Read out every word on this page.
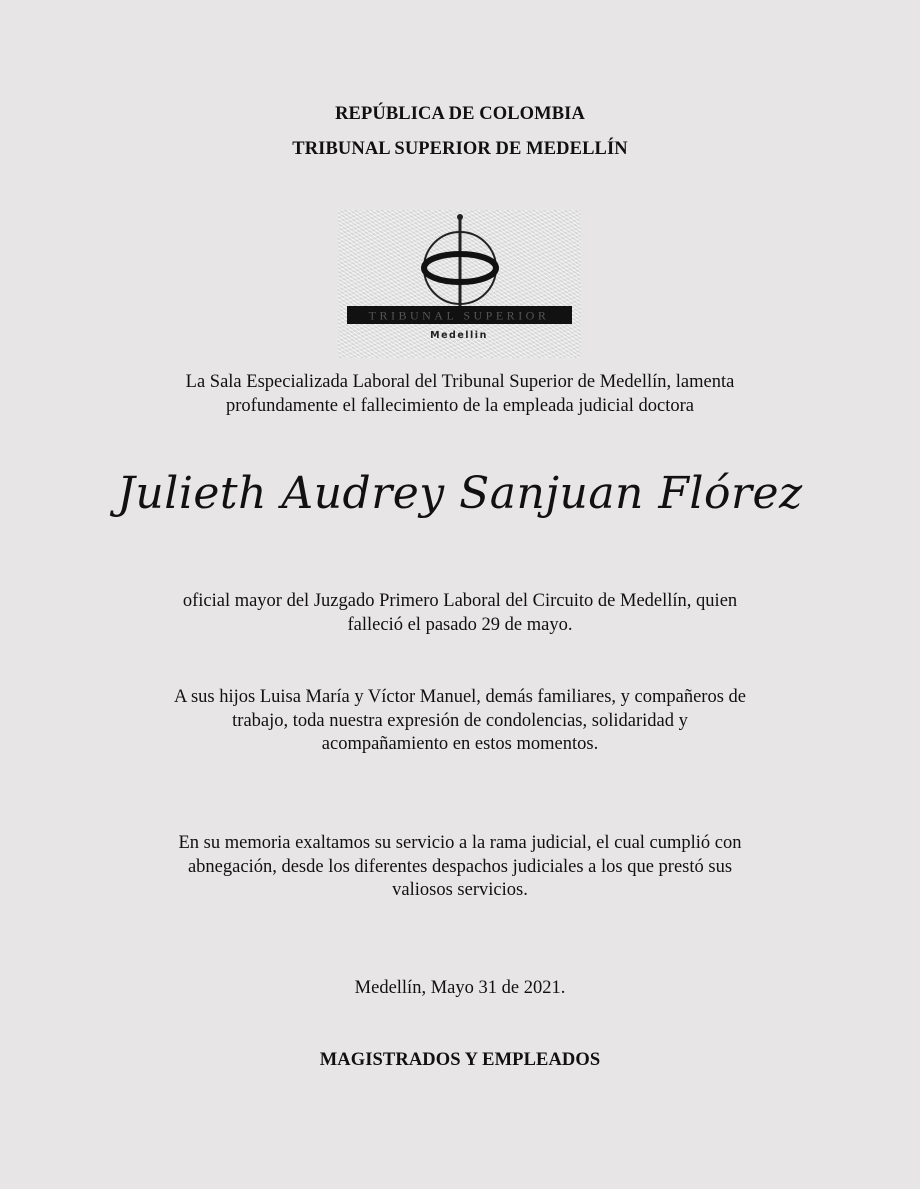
REPÚBLICA DE COLOMBIA
TRIBUNAL SUPERIOR DE MEDELLÍN
TRIBUNAL SUPERIOR
Medellin
La Sala Especializada Laboral del Tribunal Superior de Medellín, lamenta
profundamente el fallecimiento de la empleada judicial doctora
Julieth Audrey Sanjuan Flórez
oficial mayor del Juzgado Primero Laboral del Circuito de Medellín, quien
falleció el pasado 29 de mayo.
A sus hijos Luisa María y Víctor Manuel, demás familiares, y compañeros de
trabajo, toda nuestra expresión de condolencias, solidaridad y
acompañamiento en estos momentos.
En su memoria exaltamos su servicio a la rama judicial, el cual cumplió con
abnegación, desde los diferentes despachos judiciales a los que prestó sus
valiosos servicios.
Medellín, Mayo 31 de 2021.
MAGISTRADOS Y EMPLEADOS
